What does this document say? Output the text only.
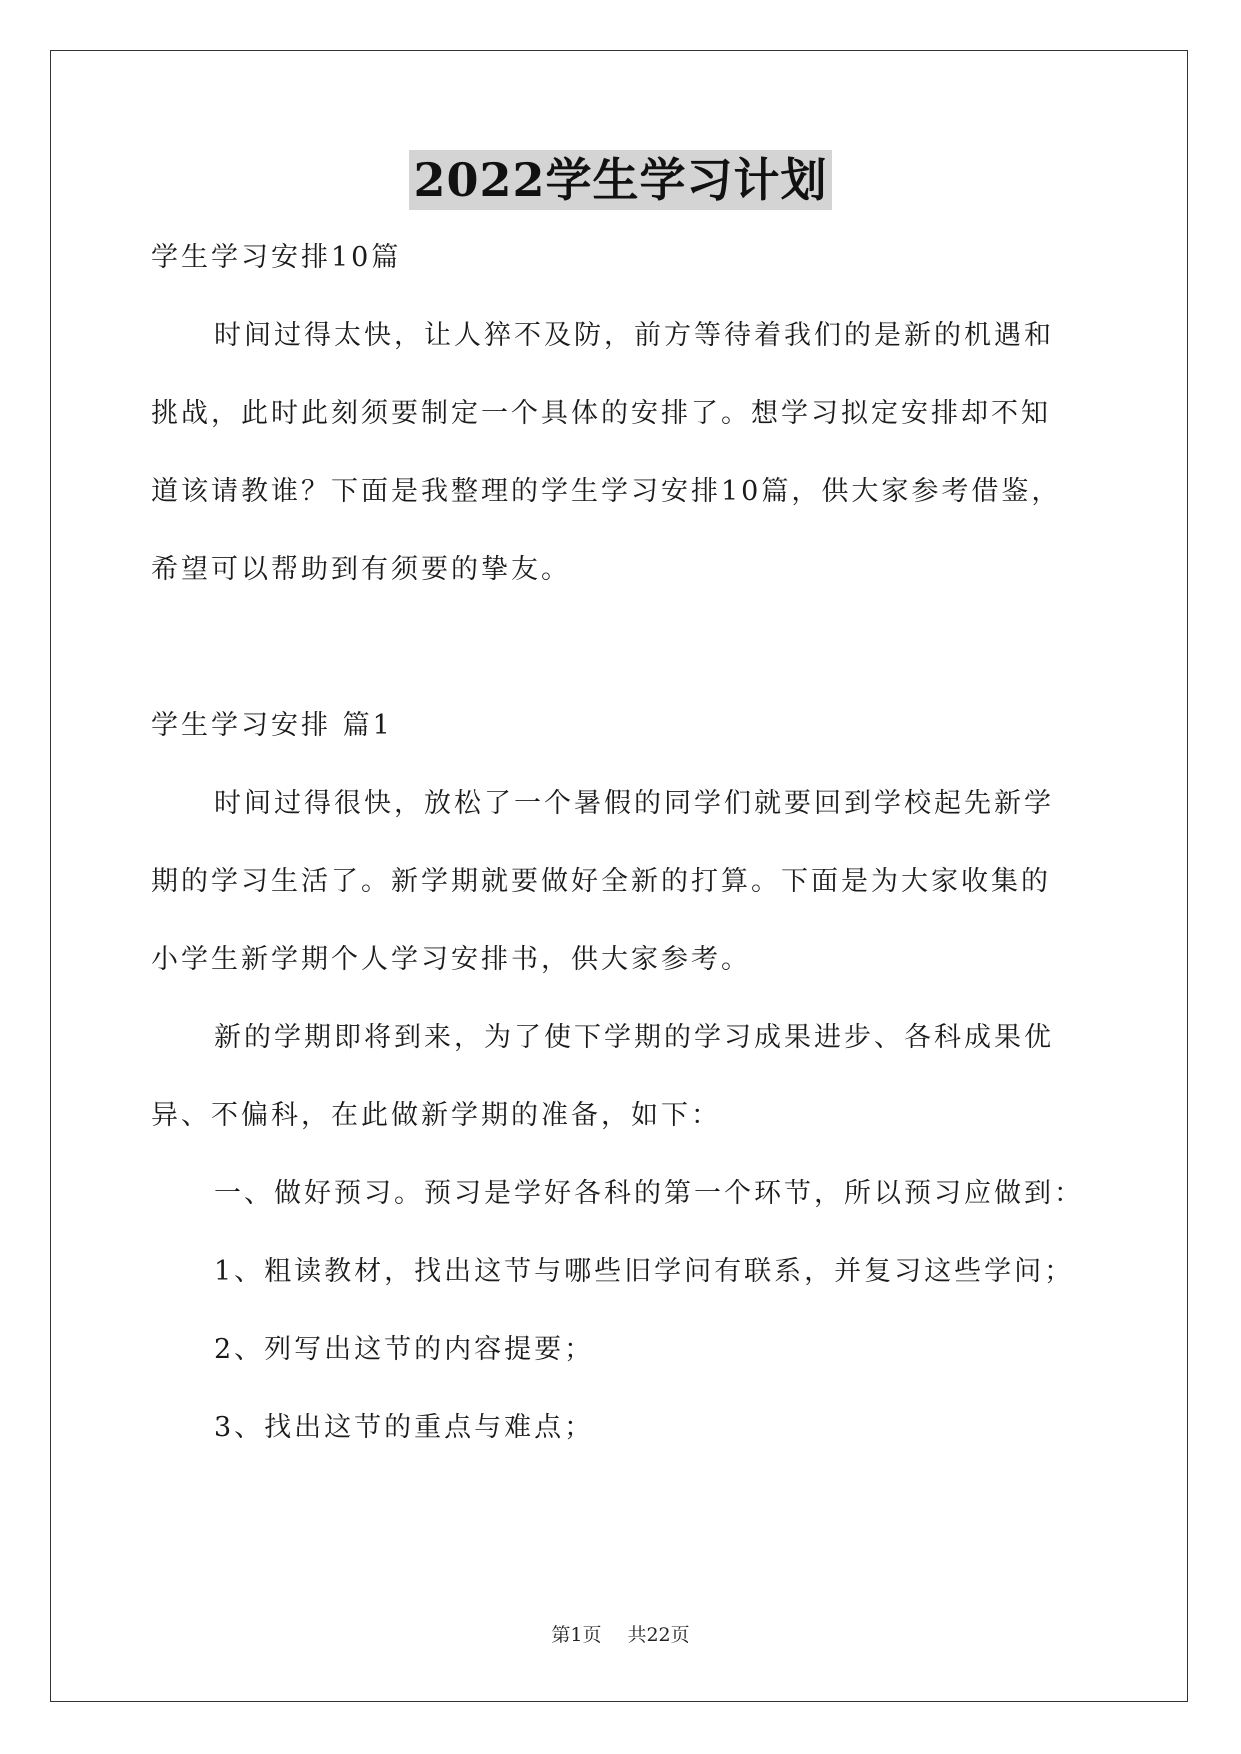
2022学生学习计划
学生学习安排10篇
时间过得太快，让人猝不及防，前方等待着我们的是新的机遇和
挑战，此时此刻须要制定一个具体的安排了。想学习拟定安排却不知
道该请教谁？下面是我整理的学生学习安排10篇，供大家参考借鉴，
希望可以帮助到有须要的挚友。
学生学习安排 篇1
时间过得很快，放松了一个暑假的同学们就要回到学校起先新学
期的学习生活了。新学期就要做好全新的打算。下面是为大家收集的
小学生新学期个人学习安排书，供大家参考。
新的学期即将到来，为了使下学期的学习成果进步、各科成果优
异、不偏科，在此做新学期的准备，如下：
一、做好预习。预习是学好各科的第一个环节，所以预习应做到：
1、粗读教材，找出这节与哪些旧学问有联系，并复习这些学问；
2、列写出这节的内容提要；
3、找出这节的重点与难点；
第1页 共22页
